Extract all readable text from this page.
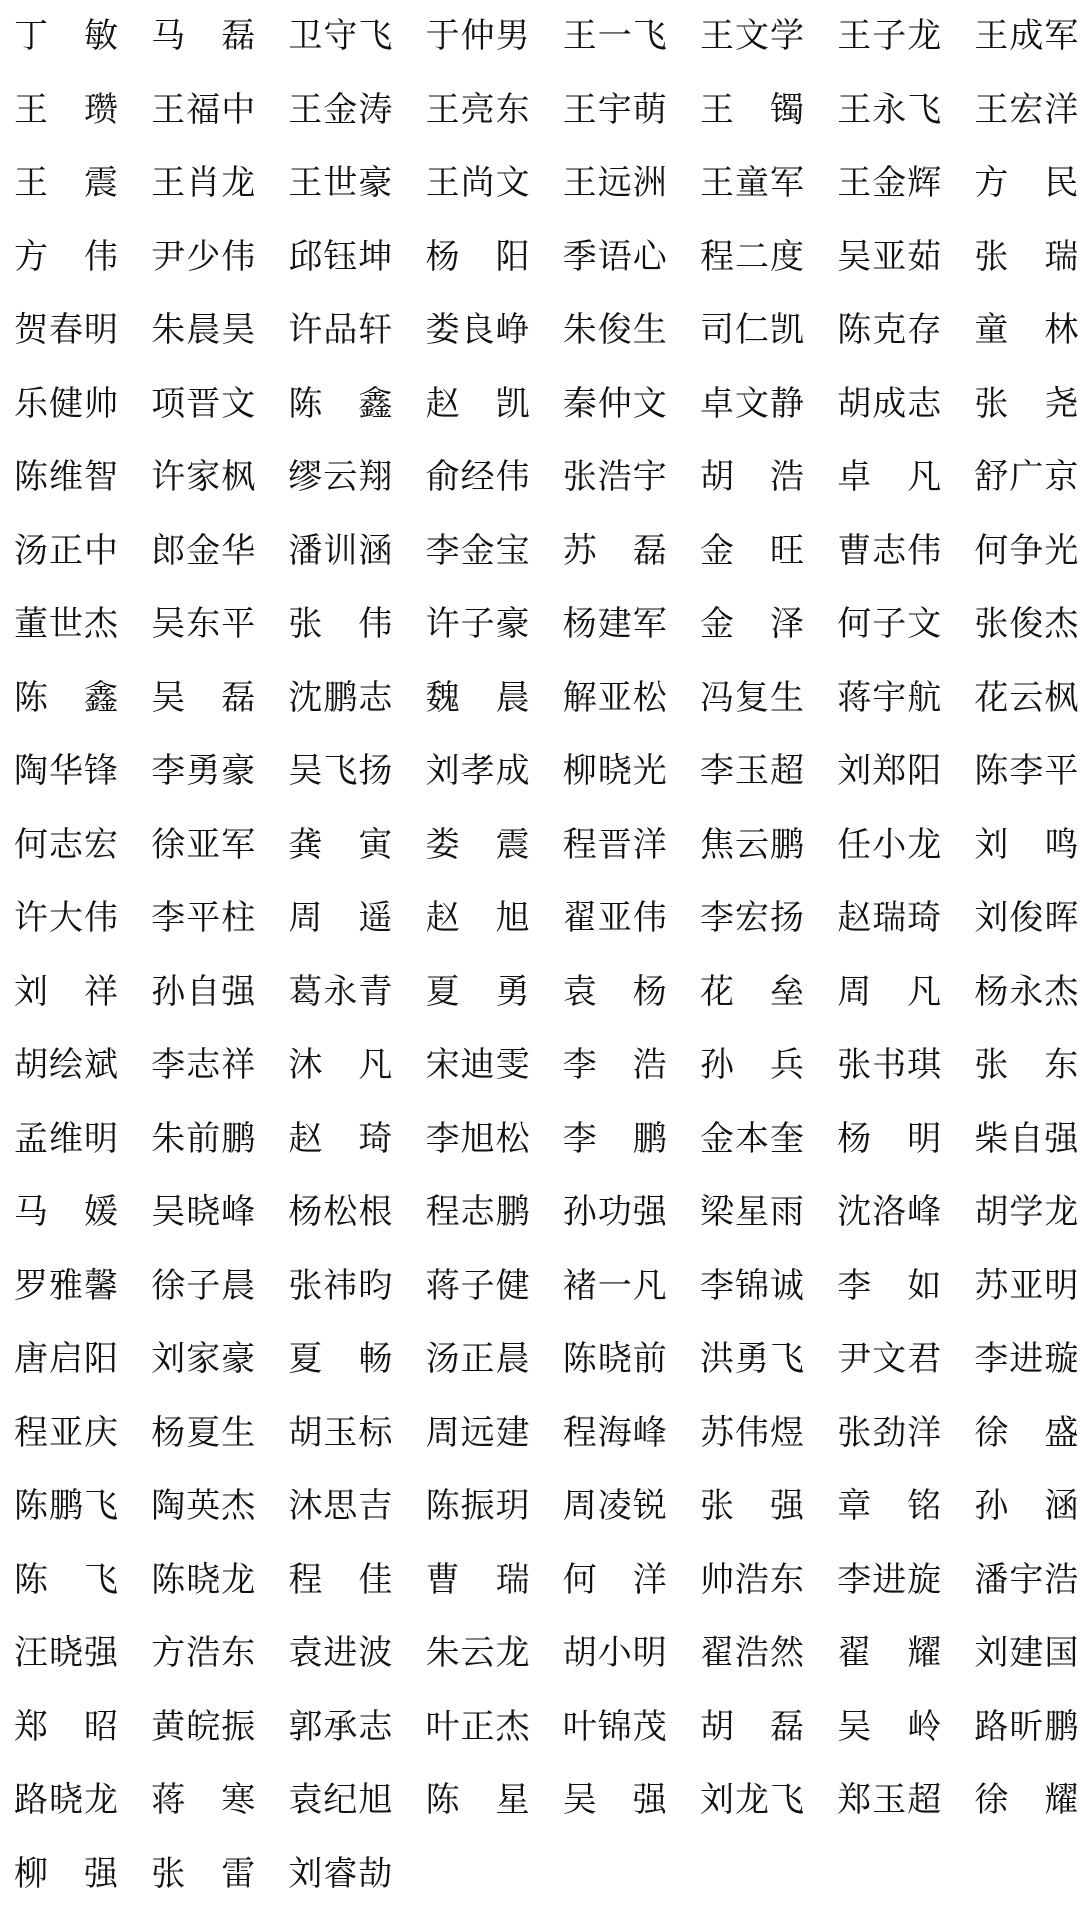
丁
　 敏 马
　 磊 卫 守 飞 于 仲 男 王 一 飞 王 文 学 王 子 龙 王 成 军
王
　 瓒 王 福 中 王 金 涛 王 亮 东 王 宇 萌 王
　 镯 王 永 飞 王 宏 洋
王
　 震 王 肖 龙 王 世 豪 王 尚 文 王 远 洲 王 童 军 王 金 辉 方
　 民
方
　 伟 尹 少 伟 邱 钰 坤 杨
　 阳 季 语 心 程 二 度 吴 亚 茹 张
　 瑞
贺 春 明 朱 晨 昊 许 品 轩 娄 良 峥 朱 俊 生 司 仁 凯 陈 克 存 童
　 林
乐 健 帅 项 晋 文 陈
　 鑫 赵
　 凯 秦 仲 文 卓 文 静 胡 成 志 张
　 尧
陈 维 智 许 家 枫 缪 云 翔 俞 经 伟 张 浩 宇 胡
　 浩 卓
　 凡 舒 广 京
汤 正 中 郎 金 华 潘 训 涵 李 金 宝 苏
　 磊 金
　 旺 曹 志 伟 何 争 光
董 世 杰 吴 东 平 张
　 伟 许 子 豪 杨 建 军 金
　 泽 何 子 文 张 俊 杰
陈
　 鑫 吴
　 磊 沈 鹏 志 魏
　 晨 解 亚 松 冯 复 生 蒋 宇 航 花 云 枫
陶 华 锋 李 勇 豪 吴 飞 扬 刘 孝 成 柳 晓 光 李 玉 超 刘 郑 阳 陈 李 平
何 志 宏 徐 亚 军 龚
　 寅 娄
　 震 程 晋 洋 焦 云 鹏 任 小 龙 刘
　 鸣
许 大 伟 李 平 柱 周
　 遥 赵
　 旭 翟 亚 伟 李 宏 扬 赵 瑞 琦 刘 俊 晖
刘
　 祥 孙 自 强 葛 永 青 夏
　 勇 袁
　 杨 花
　 垒 周
　 凡 杨 永 杰
胡 绘 斌 李 志 祥 沐
　 凡 宋 迪 雯 李
　 浩 孙
　 兵 张 书 琪 张
　 东
孟 维 明 朱 前 鹏 赵
　 琦 李 旭 松 李
　 鹏 金 本 奎 杨
　 明 柴 自 强
马
　 媛 吴 晓 峰 杨 松 根 程 志 鹏 孙 功 强 梁 星 雨 沈 洛 峰 胡 学 龙
罗 雅 馨 徐 子 晨 张 祎 昀 蒋 子 健 褚 一 凡 李 锦 诚 李
　 如 苏 亚 明
唐 启 阳 刘 家 豪 夏
　 畅 汤 正 晨 陈 晓 前 洪 勇 飞 尹 文 君 李 进 璇
程 亚 庆 杨 夏 生 胡 玉 标 周 远 建 程 海 峰 苏 伟 煜 张 劲 洋 徐
　 盛
陈 鹏 飞 陶 英 杰 沐 思 吉 陈 振 玥 周 凌 锐 张
　 强 章
　 铭 孙
　 涵
陈
　 飞 陈 晓 龙 程
　 佳 曹
　 瑞 何
　 洋 帅 浩 东 李 进 旋 潘 宇 浩
汪 晓 强 方 浩 东 袁 进 波 朱 云 龙 胡 小 明 翟 浩 然 翟
　 耀 刘 建 国
郑
　 昭 黄 皖 振 郭 承 志 叶 正 杰 叶 锦 茂 胡
　 磊 吴
　 岭 路 昕 鹏
路 晓 龙 蒋
　 寒 袁 纪 旭 陈
　 星 吴
　 强 刘 龙 飞 郑 玉 超 徐
　 耀
柳
　 强 张
　 雷 刘 睿 劼
